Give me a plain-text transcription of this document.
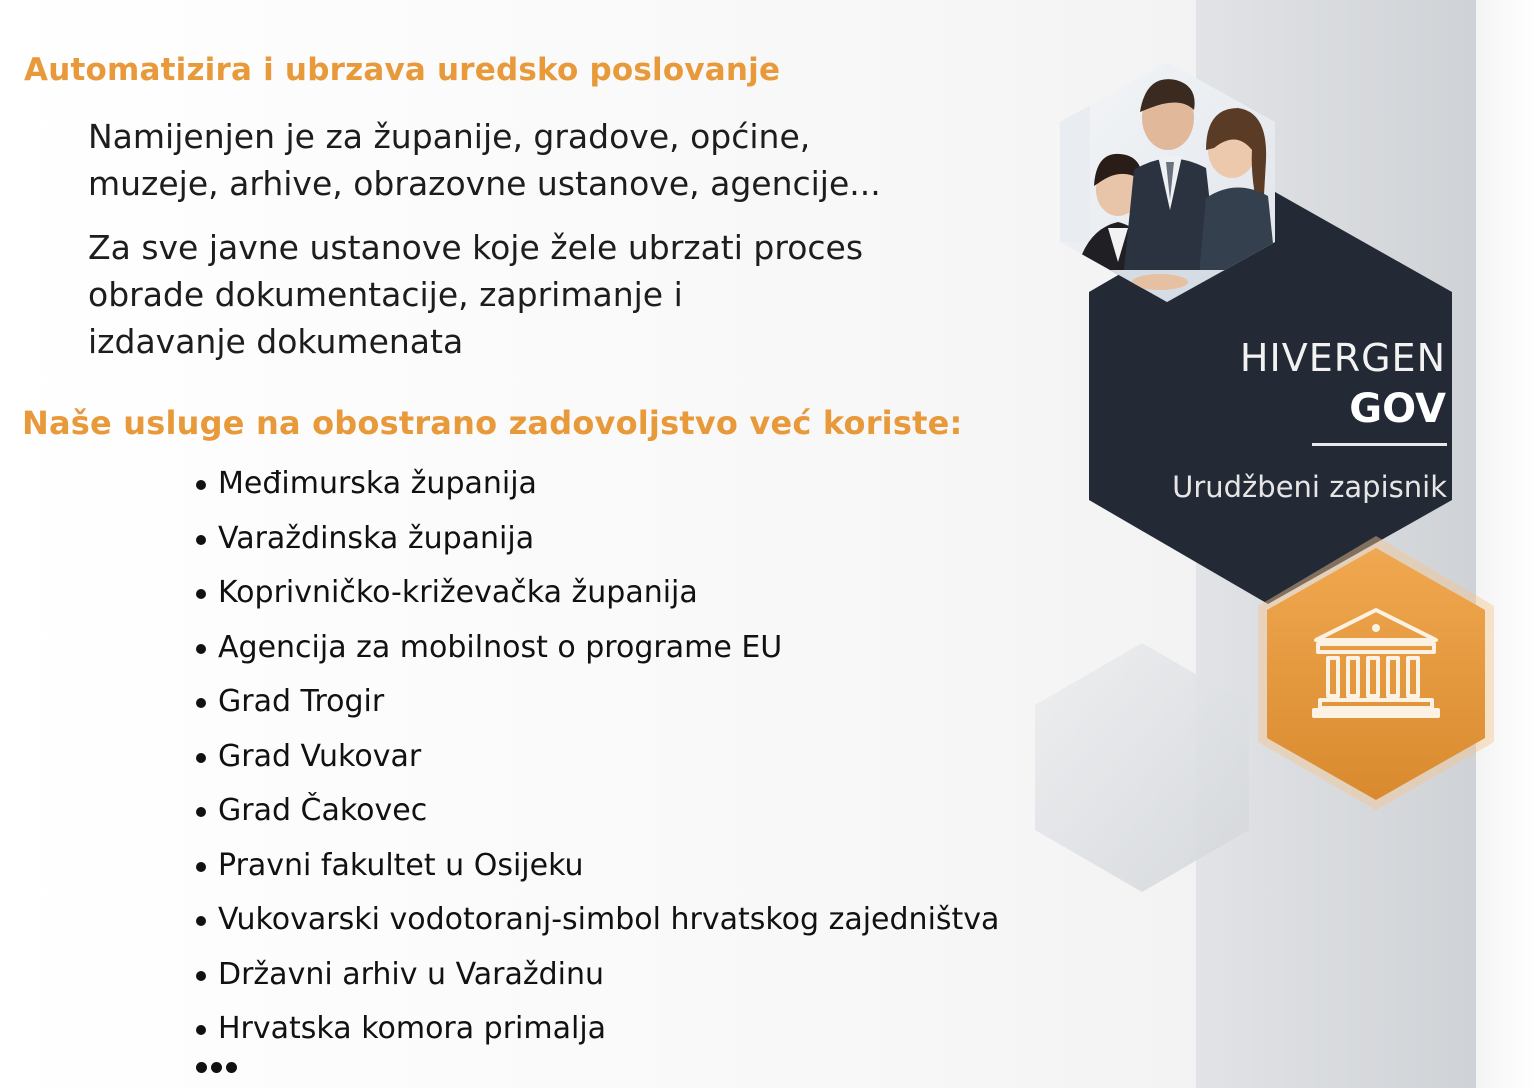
Automatizira i ubrzava uredsko poslovanje
Namijenjen je za županije, gradove, općine,
muzeje, arhive, obrazovne ustanove, agencije...
Za sve javne ustanove koje žele ubrzati proces
obrade dokumentacije, zaprimanje i
izdavanje dokumenata
Naše usluge na obostrano zadovoljstvo već koriste:
Međimurska županija
Varaždinska županija
Koprivničko-križevačka županija
Agencija za mobilnost o programe EU
Grad Trogir
Grad Vukovar
Grad Čakovec
Pravni fakultet u Osijeku
Vukovarski vodotoranj-simbol hrvatskog zajedništva
Državni arhiv u Varaždinu
Hrvatska komora primalja
HIVERGEN
GOV
Urudžbeni zapisnik
